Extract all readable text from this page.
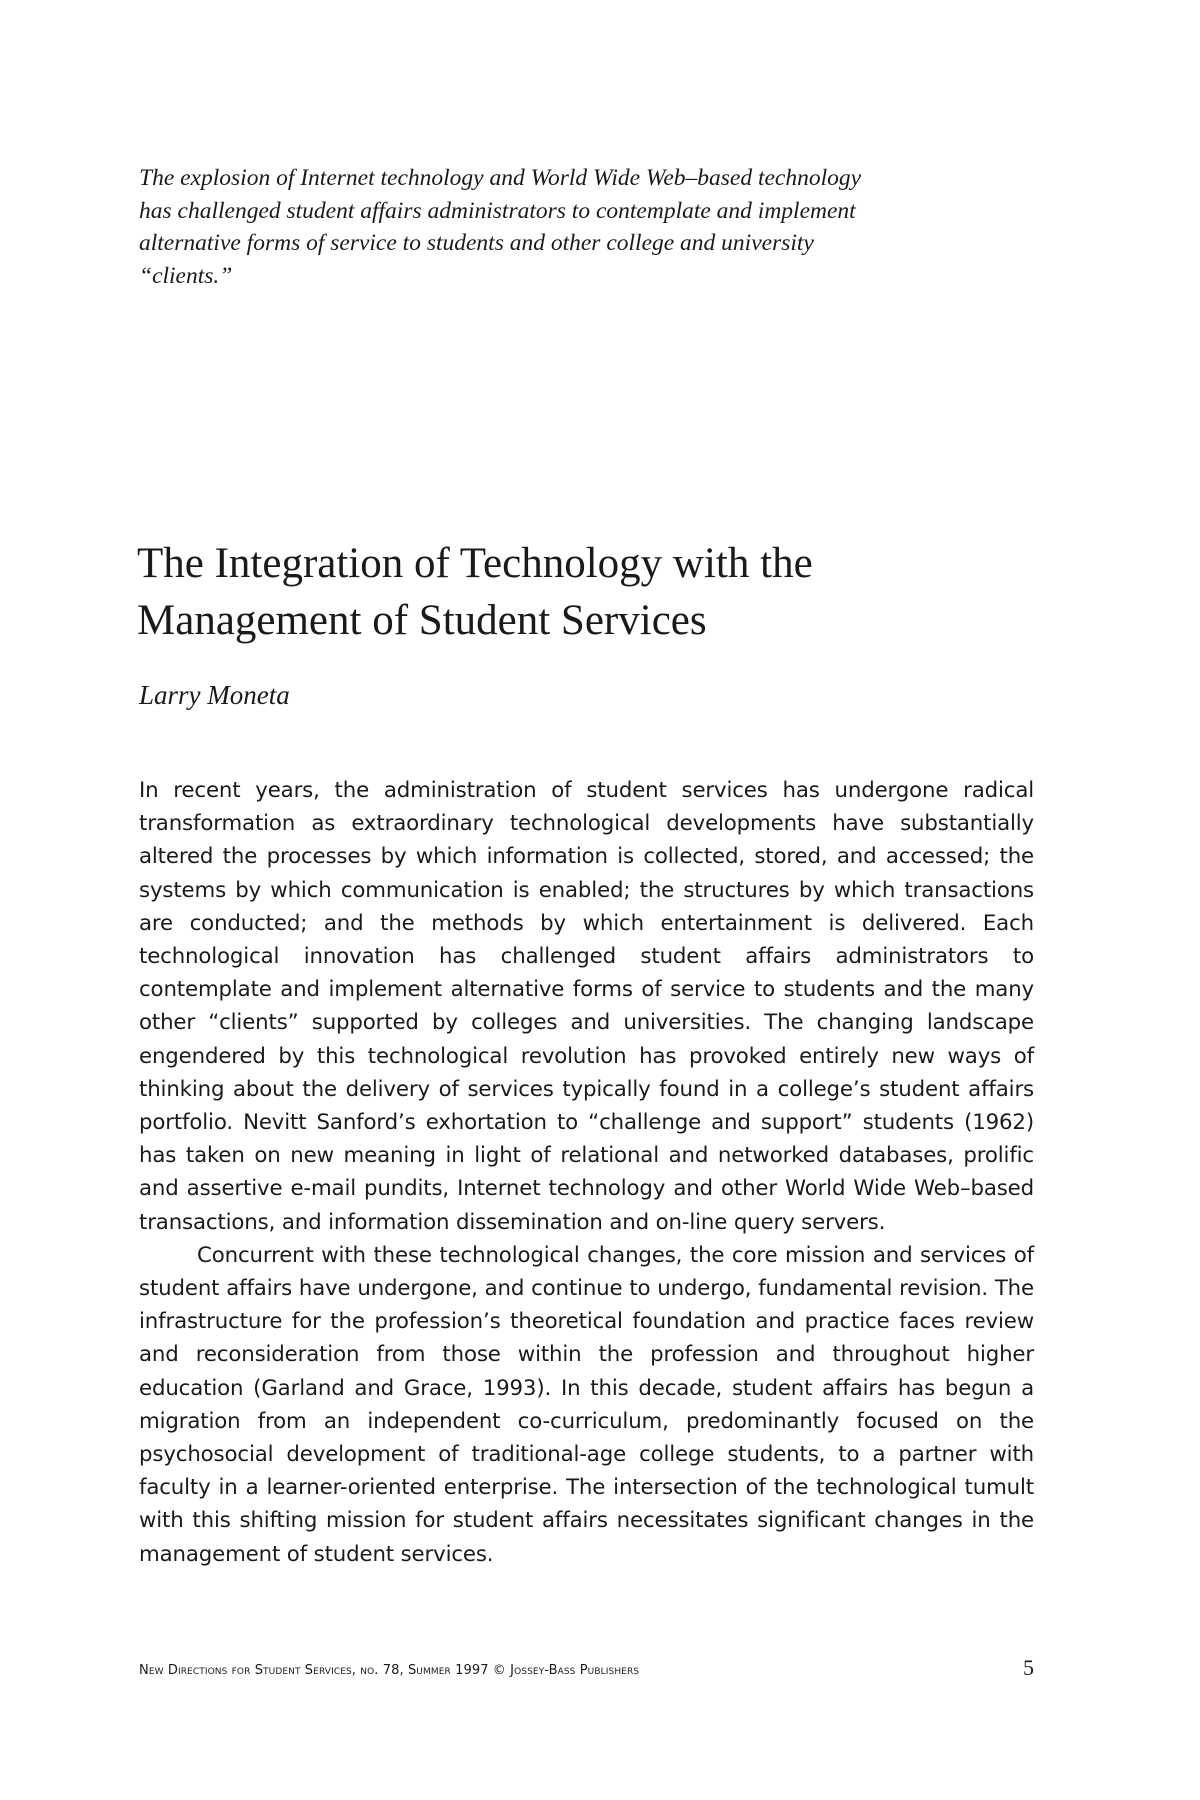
The explosion of Internet technology and World Wide Web–based technology has challenged student affairs administrators to contemplate and implement alternative forms of service to students and other college and university “clients.”

The Integration of Technology with the
Management of Student Services

Larry Moneta

In recent years, the administration of student services has undergone radical transformation as extraordinary technological developments have substantially altered the processes by which information is collected, stored, and accessed; the systems by which communication is enabled; the structures by which transactions are conducted; and the methods by which entertainment is delivered. Each technological innovation has challenged student affairs administrators to contemplate and implement alternative forms of service to students and the many other “clients” supported by colleges and universities. The changing landscape engendered by this technological revolution has provoked entirely new ways of thinking about the delivery of services typically found in a college’s student affairs portfolio. Nevitt Sanford’s exhortation to “challenge and support” students (1962) has taken on new meaning in light of relational and networked databases, prolific and assertive e-mail pundits, Internet technology and other World Wide Web–based transactions, and information dissemination and on-line query servers.

Concurrent with these technological changes, the core mission and services of student affairs have undergone, and continue to undergo, fundamental revision. The infrastructure for the profession’s theoretical foundation and practice faces review and reconsideration from those within the profession and throughout higher education (Garland and Grace, 1993). In this decade, student affairs has begun a migration from an independent co-curriculum, predominantly focused on the psychosocial development of traditional-age college students, to a partner with faculty in a learner-oriented enterprise. The intersection of the technological tumult with this shifting mission for student affairs necessitates significant changes in the management of student services.

New Directions for Student Services, no. 78, Summer 1997 © Jossey-Bass Publishers	5
